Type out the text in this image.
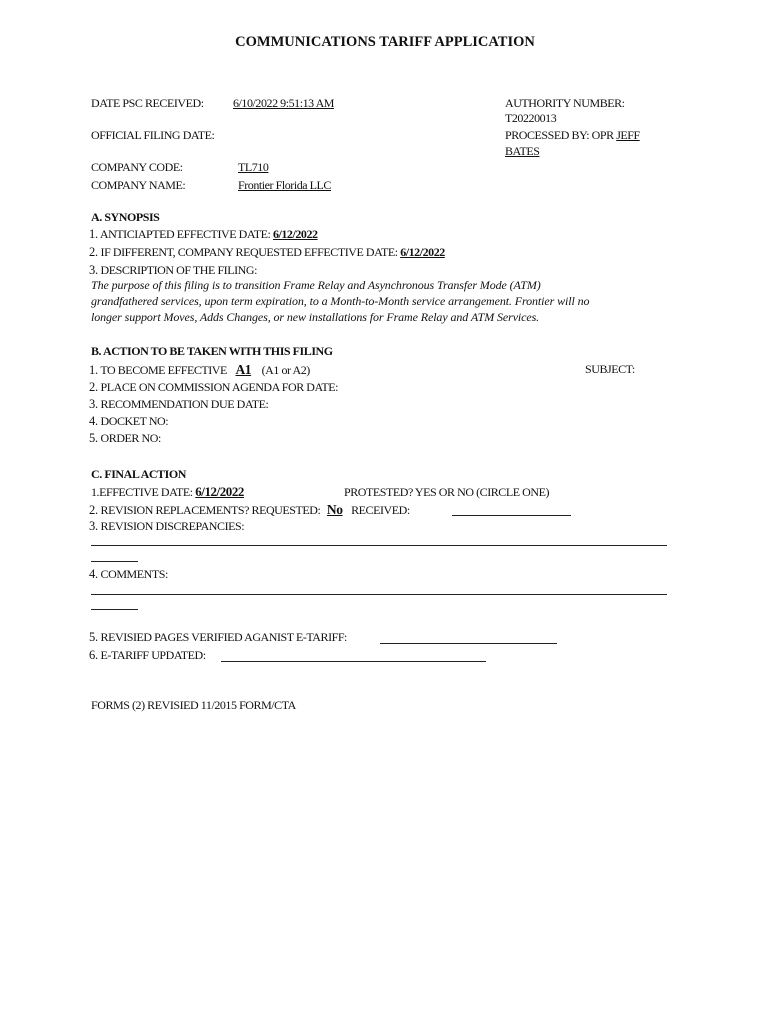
COMMUNICATIONS TARIFF APPLICATION
DATE PSC RECEIVED: 6/10/2022 9:51:13 AM
OFFICIAL FILING DATE:
COMPANY CODE:	TL710
COMPANY NAME:	Frontier Florida LLC
AUTHORITY NUMBER:
T20220013
PROCESSED BY: OPR JEFF
BATES
A. SYNOPSIS
1. ANTICIAPTED EFFECTIVE DATE: 6/12/2022
2. IF DIFFERENT, COMPANY REQUESTED EFFECTIVE DATE: 6/12/2022
3. DESCRIPTION OF THE FILING:
The purpose of this filing is to transition Frame Relay and Asynchronous Transfer Mode (ATM)
grandfathered services, upon term expiration, to a Month-to-Month service arrangement. Frontier will no
longer support Moves, Adds Changes, or new installations for Frame Relay and ATM Services.
B. ACTION TO BE TAKEN WITH THIS FILING
1. TO BECOME EFFECTIVE A1 (A1 or A2)	SUBJECT:
2. PLACE ON COMMISSION AGENDA FOR DATE:
3. RECOMMENDATION DUE DATE:
4. DOCKET NO:
5. ORDER NO:
C. FINAL ACTION
1.EFFECTIVE DATE: 6/12/2022	PROTESTED? YES OR NO (CIRCLE ONE)
2. REVISION REPLACEMENTS? REQUESTED: No RECEIVED:
3. REVISION DISCREPANCIES:
4. COMMENTS:
5. REVISIED PAGES VERIFIED AGANIST E-TARIFF:
6. E-TARIFF UPDATED:
FORMS (2) REVISIED 11/2015 FORM/CTA
